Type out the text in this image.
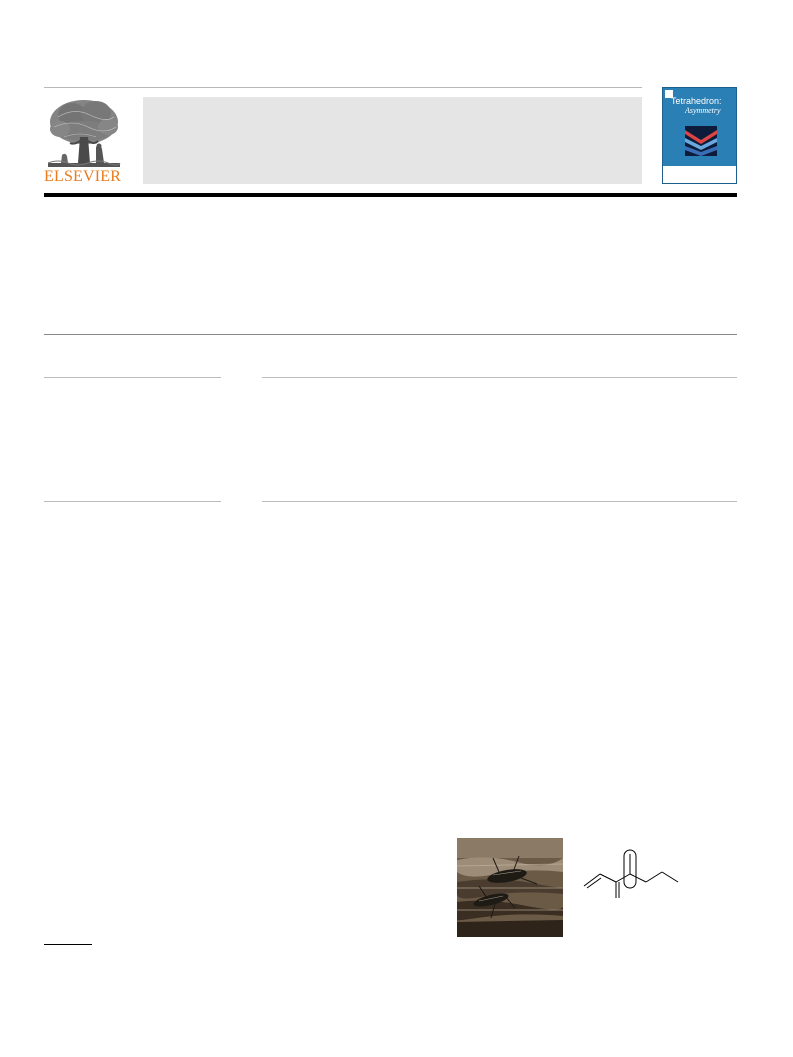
ELSEVIER
Tetrahedron:
Asymmetry
